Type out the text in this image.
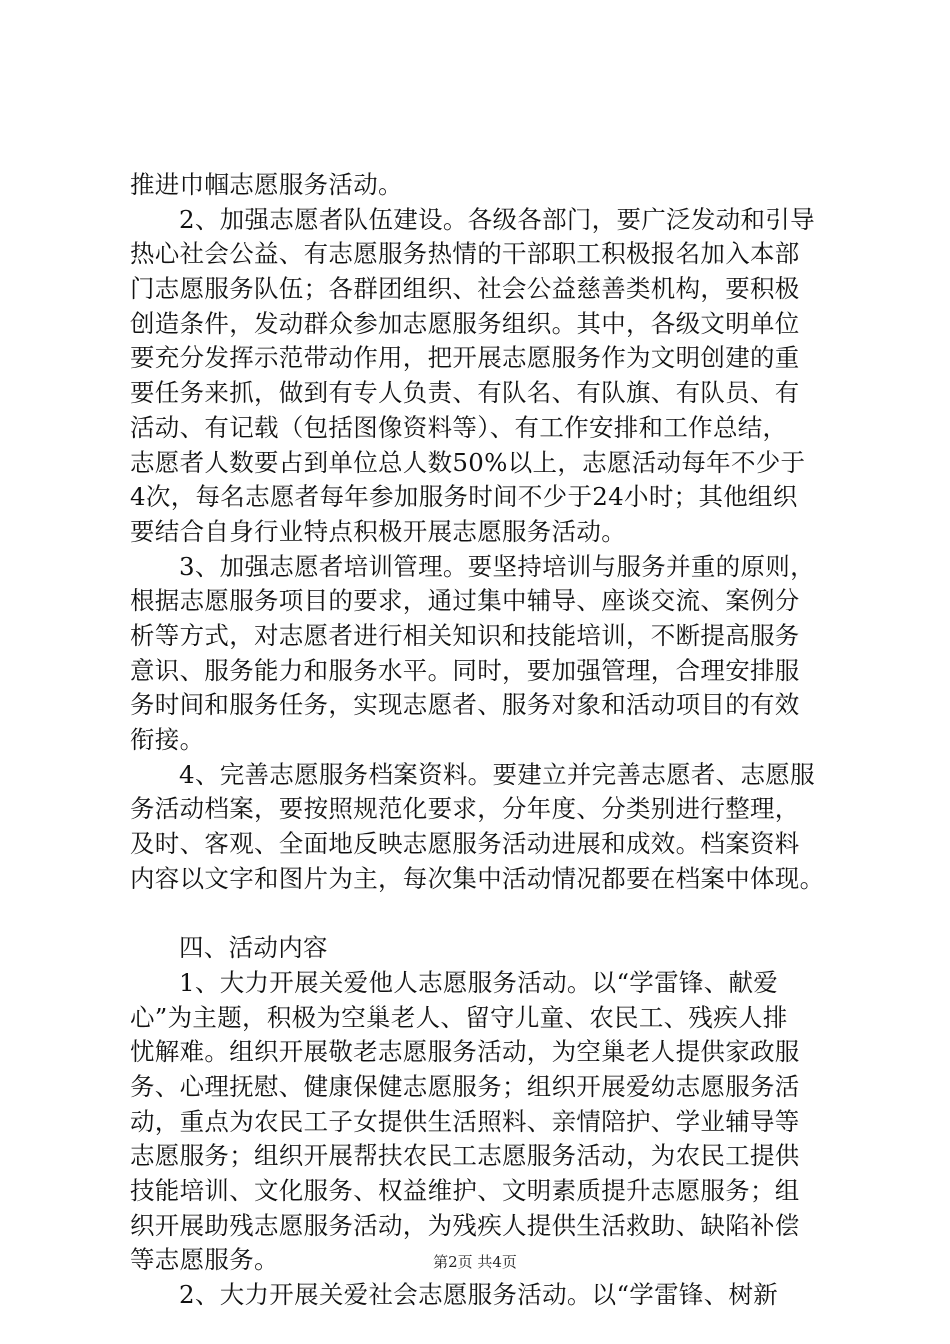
推进巾帼志愿服务活动。
2、加强志愿者队伍建设。各级各部门，要广泛发动和引导
热心社会公益、有志愿服务热情的干部职工积极报名加入本部
门志愿服务队伍；各群团组织、社会公益慈善类机构，要积极
创造条件，发动群众参加志愿服务组织。其中，各级文明单位
要充分发挥示范带动作用，把开展志愿服务作为文明创建的重
要任务来抓，做到有专人负责、有队名、有队旗、有队员、有
活动、有记载（包括图像资料等）、有工作安排和工作总结，
志愿者人数要占到单位总人数50%以上，志愿活动每年不少于
4次，每名志愿者每年参加服务时间不少于24小时；其他组织
要结合自身行业特点积极开展志愿服务活动。
3、加强志愿者培训管理。要坚持培训与服务并重的原则，
根据志愿服务项目的要求，通过集中辅导、座谈交流、案例分
析等方式，对志愿者进行相关知识和技能培训，不断提高服务
意识、服务能力和服务水平。同时，要加强管理，合理安排服
务时间和服务任务，实现志愿者、服务对象和活动项目的有效
衔接。
4、完善志愿服务档案资料。要建立并完善志愿者、志愿服
务活动档案，要按照规范化要求，分年度、分类别进行整理，
及时、客观、全面地反映志愿服务活动进展和成效。档案资料
内容以文字和图片为主，每次集中活动情况都要在档案中体现。
四、活动内容
1、大力开展关爱他人志愿服务活动。以“学雷锋、献爱
心”为主题，积极为空巢老人、留守儿童、农民工、残疾人排
忧解难。组织开展敬老志愿服务活动，为空巢老人提供家政服
务、心理抚慰、健康保健志愿服务；组织开展爱幼志愿服务活
动，重点为农民工子女提供生活照料、亲情陪护、学业辅导等
志愿服务；组织开展帮扶农民工志愿服务活动，为农民工提供
技能培训、文化服务、权益维护、文明素质提升志愿服务；组
织开展助残志愿服务活动，为残疾人提供生活救助、缺陷补偿
等志愿服务。
2、大力开展关爱社会志愿服务活动。以“学雷锋、树新
第2页 共4页
